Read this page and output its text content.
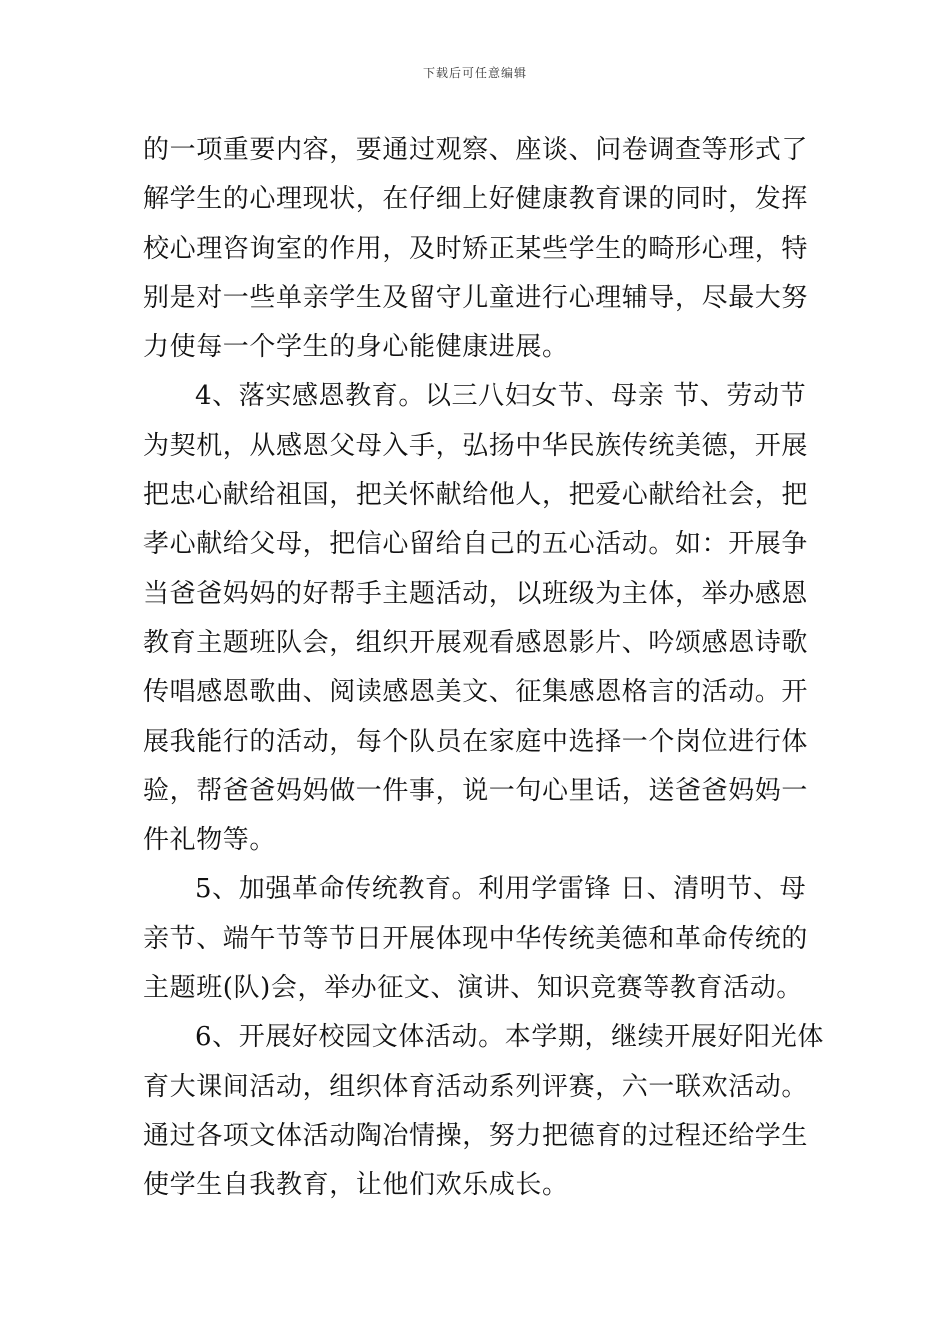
下载后可任意编辑
的一项重要内容，要通过观察、座谈、问卷调查等形式了
解学生的心理现状，在仔细上好健康教育课的同时，发挥
校心理咨询室的作用，及时矫正某些学生的畸形心理，特
别是对一些单亲学生及留守儿童进行心理辅导，尽最大努
力使每一个学生的身心能健康进展。
4、落实感恩教育。以三八妇女节、母亲 节、劳动节
为契机，从感恩父母入手，弘扬中华民族传统美德，开展
把忠心献给祖国，把关怀献给他人，把爱心献给社会，把
孝心献给父母，把信心留给自己的五心活动。如：开展争
当爸爸妈妈的好帮手主题活动，以班级为主体，举办感恩
教育主题班队会，组织开展观看感恩影片、吟颂感恩诗歌
传唱感恩歌曲、阅读感恩美文、征集感恩格言的活动。开
展我能行的活动，每个队员在家庭中选择一个岗位进行体
验，帮爸爸妈妈做一件事，说一句心里话，送爸爸妈妈一
件礼物等。
5、加强革命传统教育。利用学雷锋 日、清明节、母
亲节、端午节等节日开展体现中华传统美德和革命传统的
主题班(队)会，举办征文、演讲、知识竞赛等教育活动。
6、开展好校园文体活动。本学期，继续开展好阳光体
育大课间活动，组织体育活动系列评赛，六一联欢活动。
通过各项文体活动陶冶情操，努力把德育的过程还给学生
使学生自我教育，让他们欢乐成长。
